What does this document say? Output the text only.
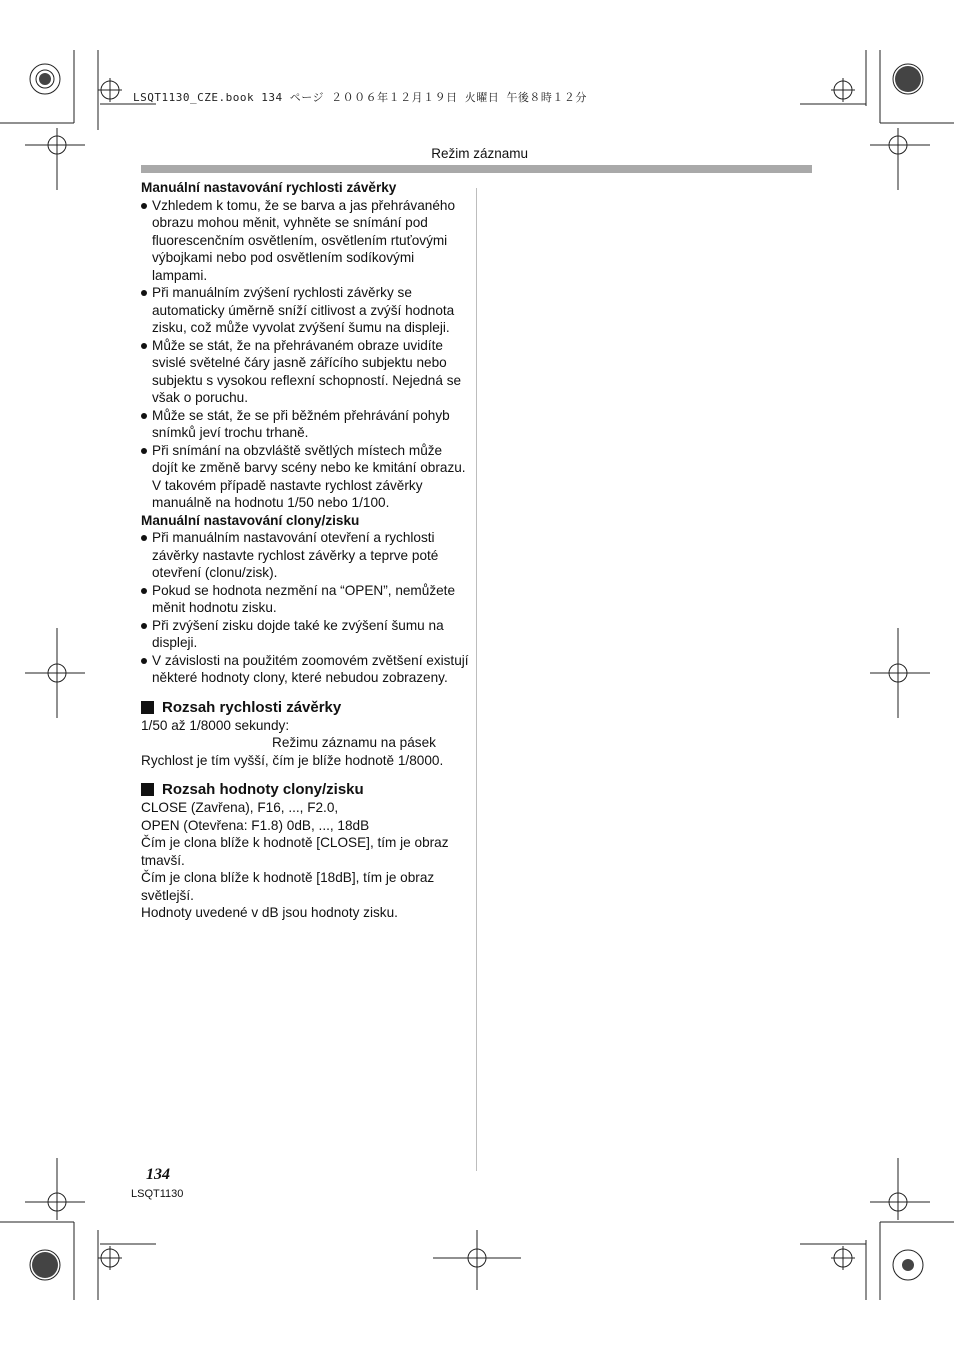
LSQT1130_CZE.book 134 ページ ２００６年１２月１９日 火曜日 午後８時１２分
Režim záznamu
Manuální nastavování rychlosti závěrky
Vzhledem k tomu, že se barva a jas přehrávaného obrazu mohou měnit, vyhněte se snímání pod fluorescenčním osvětlením, osvětlením rtuťovými výbojkami nebo pod osvětlením sodíkovými lampami.
Při manuálním zvýšení rychlosti závěrky se automaticky úměrně sníží citlivost a zvýší hodnota zisku, což může vyvolat zvýšení šumu na displeji.
Může se stát, že na přehrávaném obraze uvidíte svislé světelné čáry jasně zářícího subjektu nebo subjektu s vysokou reflexní schopností. Nejedná se však o poruchu.
Může se stát, že se při běžném přehrávání pohyb snímků jeví trochu trhaně.
Při snímání na obzvláště světlých místech může dojít ke změně barvy scény nebo ke kmitání obrazu. V takovém případě nastavte rychlost závěrky manuálně na hodnotu 1/50 nebo 1/100.
Manuální nastavování clony/zisku
Při manuálním nastavování otevření a rychlosti závěrky nastavte rychlost závěrky a teprve poté otevření (clonu/zisk).
Pokud se hodnota nezmění na “OPEN”, nemůžete měnit hodnotu zisku.
Při zvýšení zisku dojde také ke zvýšení šumu na displeji.
V závislosti na použitém zoomovém zvětšení existují některé hodnoty clony, které nebudou zobrazeny.
Rozsah rychlosti závěrky

1/50 až 1/8000 sekundy:

Režimu záznamu na pásek

Rychlost je tím vyšší, čím je blíže hodnotě 1/8000.

Rozsah hodnoty clony/zisku

CLOSE (Zavřena), F16, ..., F2.0,

OPEN (Otevřena: F1.8) 0dB, ..., 18dB

Čím je clona blíže k hodnotě [CLOSE], tím je obraz tmavší.

Čím je clona blíže k hodnotě [18dB], tím je obraz světlejší.

Hodnoty uvedené v dB jsou hodnoty zisku.

134
LSQT1130
